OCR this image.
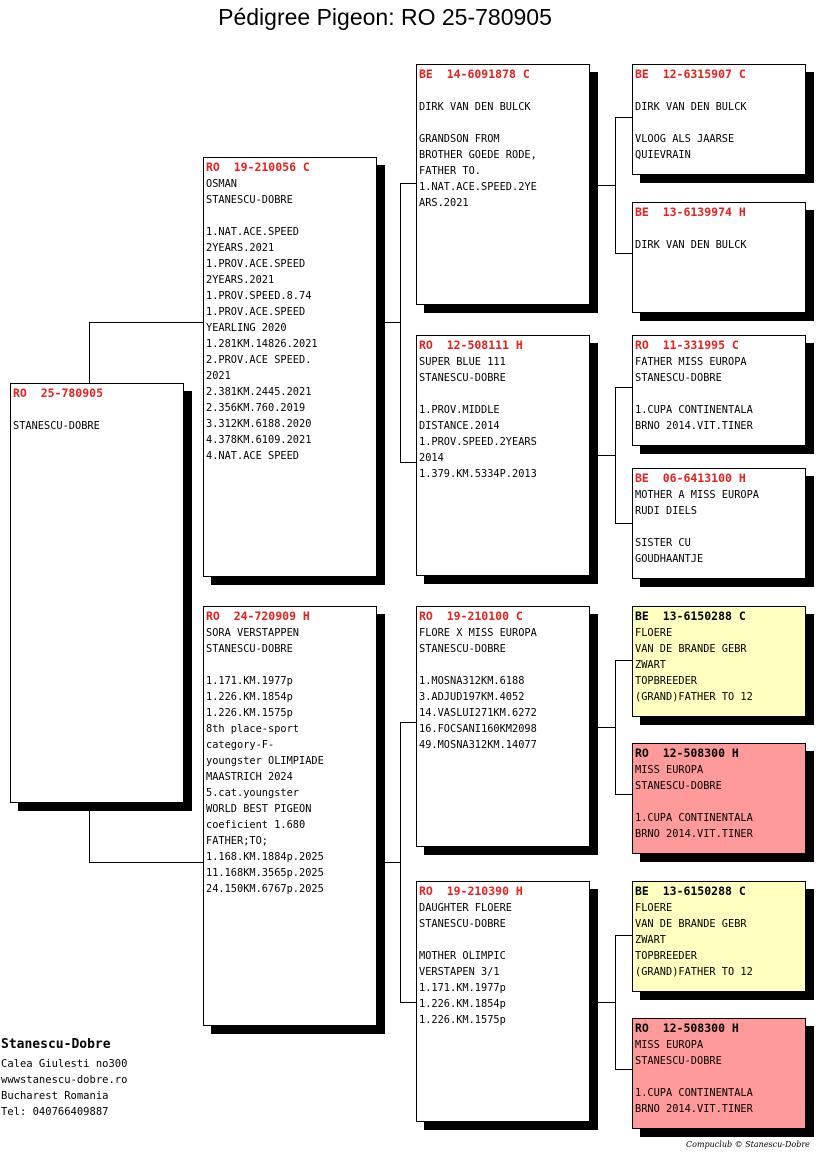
Pédigree Pigeon: RO 25-780905
RO  25-780905
STANESCU-DOBRE
RO  19-210056 C
OSMAN
STANESCU-DOBRE
1.NAT.ACE.SPEED
2YEARS.2021
1.PROV.ACE.SPEED
2YEARS.2021
1.PROV.SPEED.8.74
1.PROV.ACE.SPEED
YEARLING 2020
1.281KM.14826.2021
2.PROV.ACE SPEED.
2021
2.381KM.2445.2021
2.356KM.760.2019
3.312KM.6188.2020
4.378KM.6109.2021
4.NAT.ACE SPEED
RO  24-720909 H
SORA VERSTAPPEN
STANESCU-DOBRE
1.171.KM.1977p
1.226.KM.1854p
1.226.KM.1575p
8th place-sport
category-F-
youngster OLIMPIADE
MAASTRICH 2024
5.cat.youngster
WORLD BEST PIGEON
coeficient 1.680
FATHER;TO;
1.168.KM.1884p.2025
11.168KM.3565p.2025
24.150KM.6767p.2025
BE  14-6091878 C
DIRK VAN DEN BULCK
GRANDSON FROM
BROTHER GOEDE RODE,
FATHER TO.
1.NAT.ACE.SPEED.2YE
ARS.2021
RO  12-508111 H
SUPER BLUE 111
STANESCU-DOBRE
1.PROV.MIDDLE
DISTANCE.2014
1.PROV.SPEED.2YEARS
2014
1.379.KM.5334P.2013
RO  19-210100 C
FLORE X MISS EUROPA
STANESCU-DOBRE
1.MOSNA312KM.6188
3.ADJUD197KM.4052
14.VASLUI271KM.6272
16.FOCSANI160KM2098
49.MOSNA312KM.14077
RO  19-210390 H
DAUGHTER FLOERE
STANESCU-DOBRE
MOTHER OLIMPIC
VERSTAPEN 3/1
1.171.KM.1977p
1.226.KM.1854p
1.226.KM.1575p
BE  12-6315907 C
DIRK VAN DEN BULCK
VLOOG ALS JAARSE
QUIEVRAIN
BE  13-6139974 H
DIRK VAN DEN BULCK
RO  11-331995 C
FATHER MISS EUROPA
STANESCU-DOBRE
1.CUPA CONTINENTALA
BRNO 2014.VIT.TINER
BE  06-6413100 H
MOTHER A MISS EUROPA
RUDI DIELS
SISTER CU
GOUDHAANTJE
BE  13-6150288 C
FLOERE
VAN DE BRANDE GEBR
ZWART
TOPBREEDER
(GRAND)FATHER TO 12
RO  12-508300 H
MISS EUROPA
STANESCU-DOBRE
1.CUPA CONTINENTALA
BRNO 2014.VIT.TINER
BE  13-6150288 C
FLOERE
VAN DE BRANDE GEBR
ZWART
TOPBREEDER
(GRAND)FATHER TO 12
RO  12-508300 H
MISS EUROPA
STANESCU-DOBRE
1.CUPA CONTINENTALA
BRNO 2014.VIT.TINER
Stanescu-Dobre
Calea Giulesti no300
wwwstanescu-dobre.ro
Bucharest Romania
Tel: 040766409887
Compuclub © Stanescu-Dobre
